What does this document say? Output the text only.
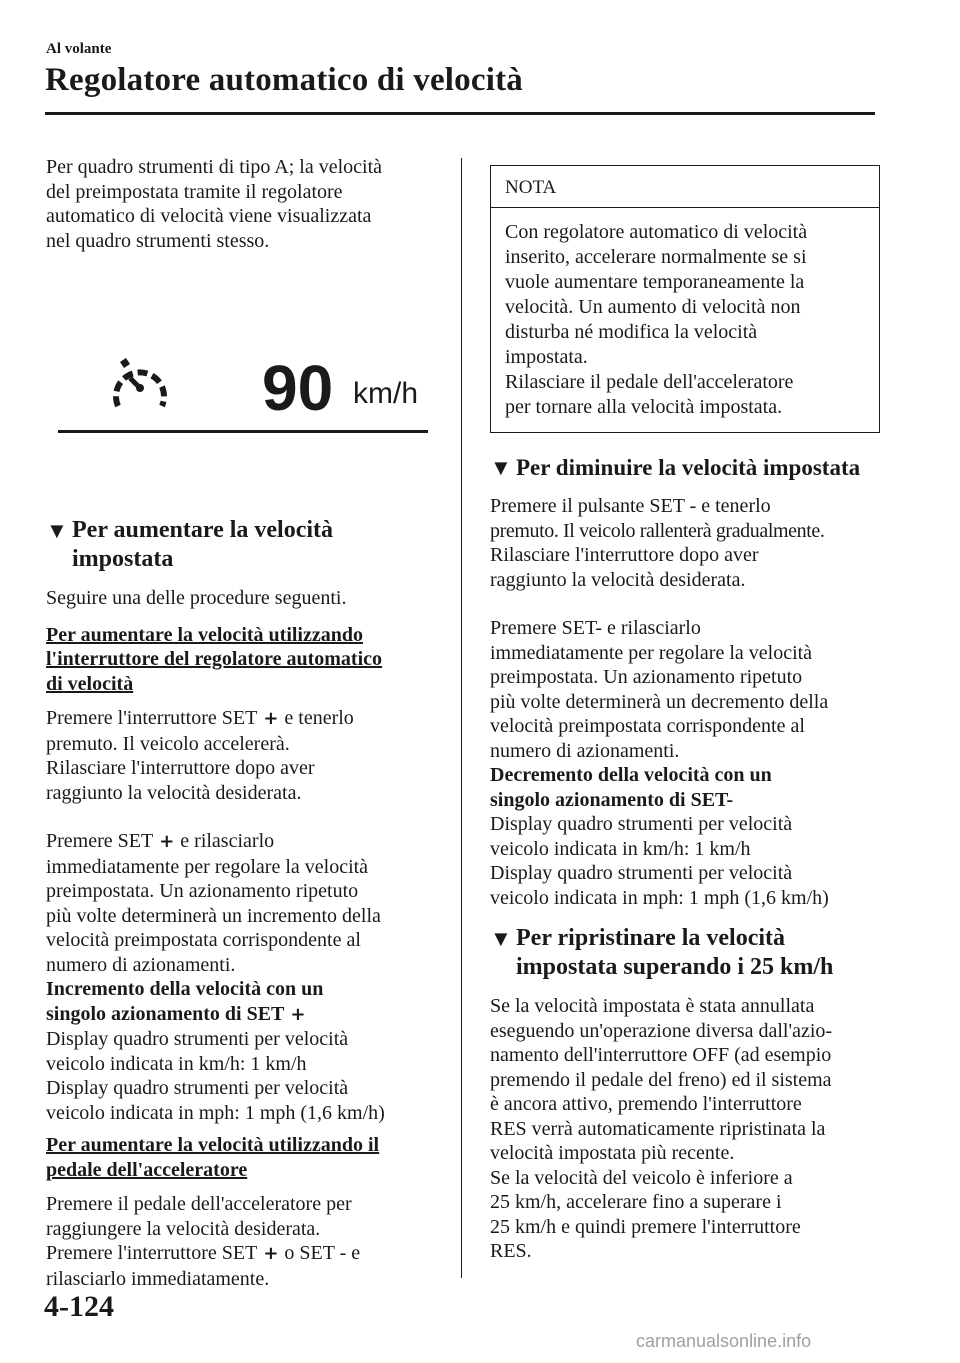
Al volante
Regolatore automatico di velocità

Per quadro strumenti di tipo A; la velocità

del preimpostata tramite il regolatore

automatico di velocità viene visualizzata

nel quadro strumenti stesso.

90 km/h
▼ Per aumentare la velocità
impostata

Seguire una delle procedure seguenti.

Per aumentare la velocità utilizzando

l'interruttore del regolatore automatico

di velocità

Premere l'interruttore SET + e tenerlo

premuto. Il veicolo accelererà.

Rilasciare l'interruttore dopo aver

raggiunto la velocità desiderata.

Premere SET + e rilasciarlo

immediatamente per regolare la velocità

preimpostata. Un azionamento ripetuto

più volte determinerà un incremento della

velocità preimpostata corrispondente al

numero di azionamenti.

Incremento della velocità con un

singolo azionamento di SET +

Display quadro strumenti per velocità

veicolo indicata in km/h: 1 km/h

Display quadro strumenti per velocità

veicolo indicata in mph: 1 mph (1,6 km/h)

Per aumentare la velocità utilizzando il

pedale dell'acceleratore

Premere il pedale dell'acceleratore per

raggiungere la velocità desiderata.

Premere l'interruttore SET + o SET - e

rilasciarlo immediatamente.

NOTA

Con regolatore automatico di velocità

inserito, accelerare normalmente se si

vuole aumentare temporaneamente la

velocità. Un aumento di velocità non

disturba né modifica la velocità

impostata.

Rilasciare il pedale dell'acceleratore

per tornare alla velocità impostata.

▼ Per diminuire la velocità impostata

Premere il pulsante SET - e tenerlo

premuto. Il veicolo rallenterà gradualmente.

Rilasciare l'interruttore dopo aver

raggiunto la velocità desiderata.

Premere SET- e rilasciarlo

immediatamente per regolare la velocità

preimpostata. Un azionamento ripetuto

più volte determinerà un decremento della

velocità preimpostata corrispondente al

numero di azionamenti.

Decremento della velocità con un

singolo azionamento di SET-

Display quadro strumenti per velocità

veicolo indicata in km/h: 1 km/h

Display quadro strumenti per velocità

veicolo indicata in mph: 1 mph (1,6 km/h)

▼ Per ripristinare la velocità
impostata superando i 25 km/h

Se la velocità impostata è stata annullata

eseguendo un'operazione diversa dall'azio-

namento dell'interruttore OFF (ad esempio

premendo il pedale del freno) ed il sistema

è ancora attivo, premendo l'interruttore

RES verrà automaticamente ripristinata la

velocità impostata più recente.

Se la velocità del veicolo è inferiore a

25 km/h, accelerare fino a superare i

25 km/h e quindi premere l'interruttore

RES.

4-124
carmanualsonline.info
